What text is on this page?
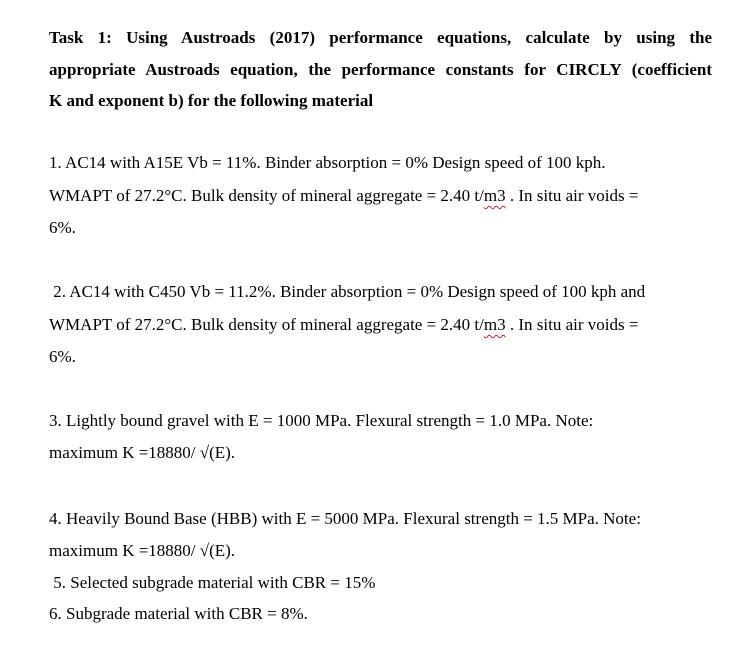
Task 1: Using Austroads (2017) performance equations, calculate by using the
appropriate Austroads equation, the performance constants for CIRCLY (coefficient
K and exponent b) for the following material
1. AC14 with A15E Vb = 11%. Binder absorption = 0% Design speed of 100 kph.
WMAPT of 27.2°C. Bulk density of mineral aggregate = 2.40 t/m3 . In situ air voids =
6%.
2. AC14 with C450 Vb = 11.2%. Binder absorption = 0% Design speed of 100 kph and
WMAPT of 27.2°C. Bulk density of mineral aggregate = 2.40 t/m3 . In situ air voids =
6%.
3. Lightly bound gravel with E = 1000 MPa. Flexural strength = 1.0 MPa. Note:
maximum K =18880/ √(E).
4. Heavily Bound Base (HBB) with E = 5000 MPa. Flexural strength = 1.5 MPa. Note:
maximum K =18880/ √(E).
5. Selected subgrade material with CBR = 15%
6. Subgrade material with CBR = 8%.
